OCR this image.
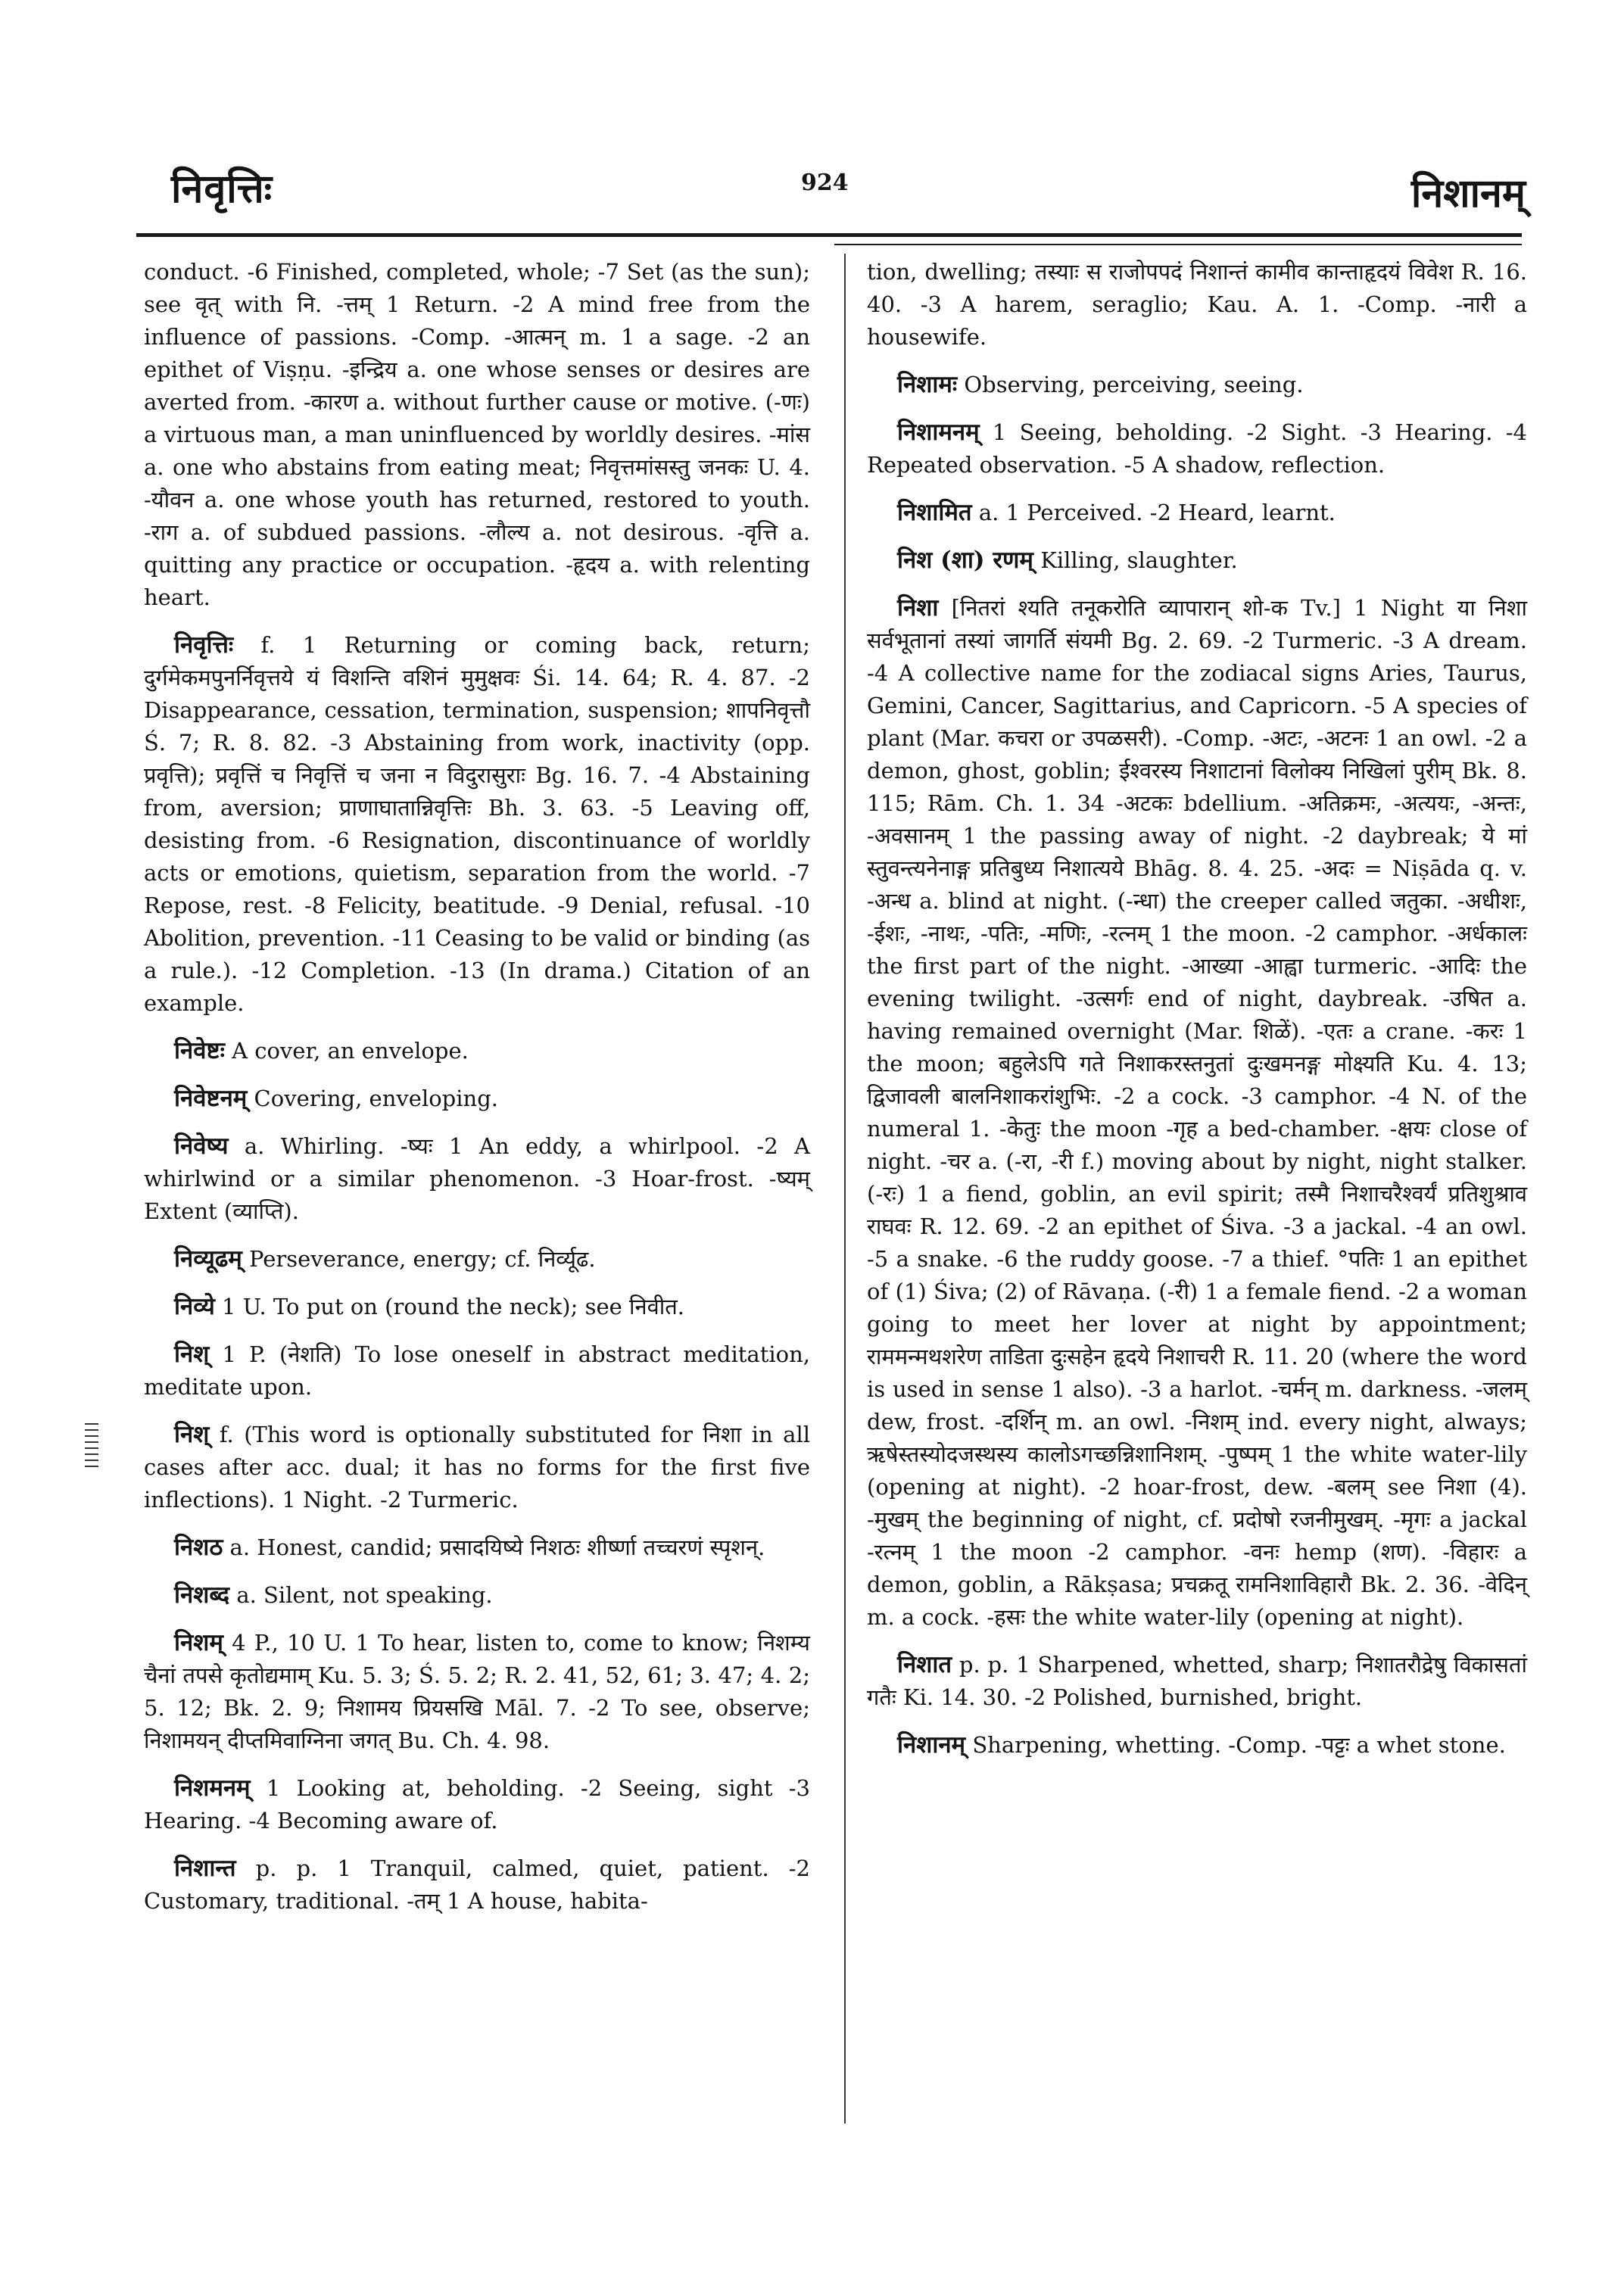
निवृत्तिः	924	निशानम्

conduct. -6 Finished, completed, whole; -7 Set (as the sun); see वृत् with नि. -त्तम् 1 Return. -2 A mind free from the influence of passions. -Comp. -आत्मन् m. 1 a sage. -2 an epithet of Viṣṇu. -इन्द्रिय a. one whose senses or desires are averted from. -कारण a. without further cause or motive. (-णः) a virtuous man, a man uninfluenced by worldly desires. -मांस a. one who abstains from eating meat; निवृत्तमांसस्तु जनकः U. 4. -यौवन a. one whose youth has returned, restored to youth. -राग a. of subdued passions. -लौल्य a. not desirous. -वृत्ति a. quitting any practice or occupation. -हृदय a. with relenting heart.

निवृत्तिः f. 1 Returning or coming back, return; दुर्गमेकमपुनर्निवृत्तये यं विशन्ति वशिनं मुमुक्षवः Śi. 14. 64; R. 4. 87. -2 Disappearance, cessation, termination, suspension; शापनिवृत्तौ Ś. 7; R. 8. 82. -3 Abstaining from work, inactivity (opp. प्रवृत्ति); प्रवृत्तिं च निवृत्तिं च जना न विदुरासुराः Bg. 16. 7. -4 Abstaining from, aversion; प्राणाघातान्निवृत्तिः Bh. 3. 63. -5 Leaving off, desisting from. -6 Resignation, discontinuance of worldly acts or emotions, quietism, separation from the world. -7 Repose, rest. -8 Felicity, beatitude. -9 Denial, refusal. -10 Abolition, prevention. -11 Ceasing to be valid or binding (as a rule.). -12 Completion. -13 (In drama.) Citation of an example.

निवेष्टः A cover, an envelope.

निवेष्टनम् Covering, enveloping.

निवेष्य a. Whirling. -ष्यः 1 An eddy, a whirlpool. -2 A whirlwind or a similar phenomenon. -3 Hoar-frost. -ष्यम् Extent (व्याप्ति).

निव्यूढम् Perseverance, energy; cf. निर्व्यूढ.

निव्ये 1 U. To put on (round the neck); see निवीत.

निश् 1 P. (नेशति) To lose oneself in abstract meditation, meditate upon.

निश् f. (This word is optionally substituted for निशा in all cases after acc. dual; it has no forms for the first five inflections). 1 Night. -2 Turmeric.

निशठ a. Honest, candid; प्रसादयिष्ये निशठः शीर्ष्णा तच्चरणं स्पृशन्.

निशब्द a. Silent, not speaking.

निशम् 4 P., 10 U. 1 To hear, listen to, come to know; निशम्य चैनां तपसे कृतोद्यमाम् Ku. 5. 3; Ś. 5. 2; R. 2. 41, 52, 61; 3. 47; 4. 2; 5. 12; Bk. 2. 9; निशामय प्रियसखि Māl. 7. -2 To see, observe; निशामयन् दीप्तमिवाग्निना जगत् Bu. Ch. 4. 98.

निशमनम् 1 Looking at, beholding. -2 Seeing, sight -3 Hearing. -4 Becoming aware of.

निशान्त p. p. 1 Tranquil, calmed, quiet, patient. -2 Customary, traditional. -तम् 1 A house, habita-

tion, dwelling; तस्याः स राजोपपदं निशान्तं कामीव कान्ताहृदयं विवेश R. 16. 40. -3 A harem, seraglio; Kau. A. 1. -Comp. -नारी a housewife.

निशामः Observing, perceiving, seeing.

निशामनम् 1 Seeing, beholding. -2 Sight. -3 Hearing. -4 Repeated observation. -5 A shadow, reflection.

निशामित a. 1 Perceived. -2 Heard, learnt.

निश (शा) रणम् Killing, slaughter.

निशा [नितरां श्यति तनूकरोति व्यापारान् शो-क Tv.] 1 Night या निशा सर्वभूतानां तस्यां जागर्ति संयमी Bg. 2. 69. -2 Turmeric. -3 A dream. -4 A collective name for the zodiacal signs Aries, Taurus, Gemini, Cancer, Sagittarius, and Capricorn. -5 A species of plant (Mar. कचरा or उपळसरी). -Comp. -अटः, -अटनः 1 an owl. -2 a demon, ghost, goblin; ईश्वरस्य निशाटानां विलोक्य निखिलां पुरीम् Bk. 8. 115; Rām. Ch. 1. 34 -अटकः bdellium. -अतिक्रमः, -अत्ययः, -अन्तः, -अवसानम् 1 the passing away of night. -2 daybreak; ये मां स्तुवन्त्यनेनाङ्ग प्रतिबुध्य निशात्यये Bhāg. 8. 4. 25. -अदः = Niṣāda q. v. -अन्ध a. blind at night. (-न्धा) the creeper called जतुका. -अधीशः, -ईशः, -नाथः, -पतिः, -मणिः, -रत्नम् 1 the moon. -2 camphor. -अर्धकालः the first part of the night. -आख्या -आह्वा turmeric. -आदिः the evening twilight. -उत्सर्गः end of night, daybreak. -उषित a. having remained overnight (Mar. शिळें). -एतः a crane. -करः 1 the moon; बहुलेऽपि गते निशाकरस्तनुतां दुःखमनङ्ग मोक्ष्यति Ku. 4. 13; द्विजावली बालनिशाकरांशुभिः. -2 a cock. -3 camphor. -4 N. of the numeral 1. -केतुः the moon -गृह a bed-chamber. -क्षयः close of night. -चर a. (-रा, -री f.) moving about by night, night stalker. (-रः) 1 a fiend, goblin, an evil spirit; तस्मै निशाचरैश्वर्यं प्रतिशुश्राव राघवः R. 12. 69. -2 an epithet of Śiva. -3 a jackal. -4 an owl. -5 a snake. -6 the ruddy goose. -7 a thief. °पतिः 1 an epithet of (1) Śiva; (2) of Rāvaṇa. (-री) 1 a female fiend. -2 a woman going to meet her lover at night by appointment; राममन्मथशरेण ताडिता दुःसहेन हृदये निशाचरी R. 11. 20 (where the word is used in sense 1 also). -3 a harlot. -चर्मन् m. darkness. -जलम् dew, frost. -दर्शिन् m. an owl. -निशम् ind. every night, always; ऋषेस्तस्योदजस्थस्य कालोऽगच्छन्निशानिशम्. -पुष्पम् 1 the white water-lily (opening at night). -2 hoar-frost, dew. -बलम् see निशा (4). -मुखम् the beginning of night, cf. प्रदोषो रजनीमुखम्. -मृगः a jackal -रत्नम् 1 the moon -2 camphor. -वनः hemp (शण). -विहारः a demon, goblin, a Rākṣasa; प्रचक्रतू रामनिशाविहारौ Bk. 2. 36. -वेदिन् m. a cock. -हसः the white water-lily (opening at night).

निशात p. p. 1 Sharpened, whetted, sharp; निशातरौद्रेषु विकासतां गतैः Ki. 14. 30. -2 Polished, burnished, bright.

निशानम् Sharpening, whetting. -Comp. -पट्टः a whet stone.
